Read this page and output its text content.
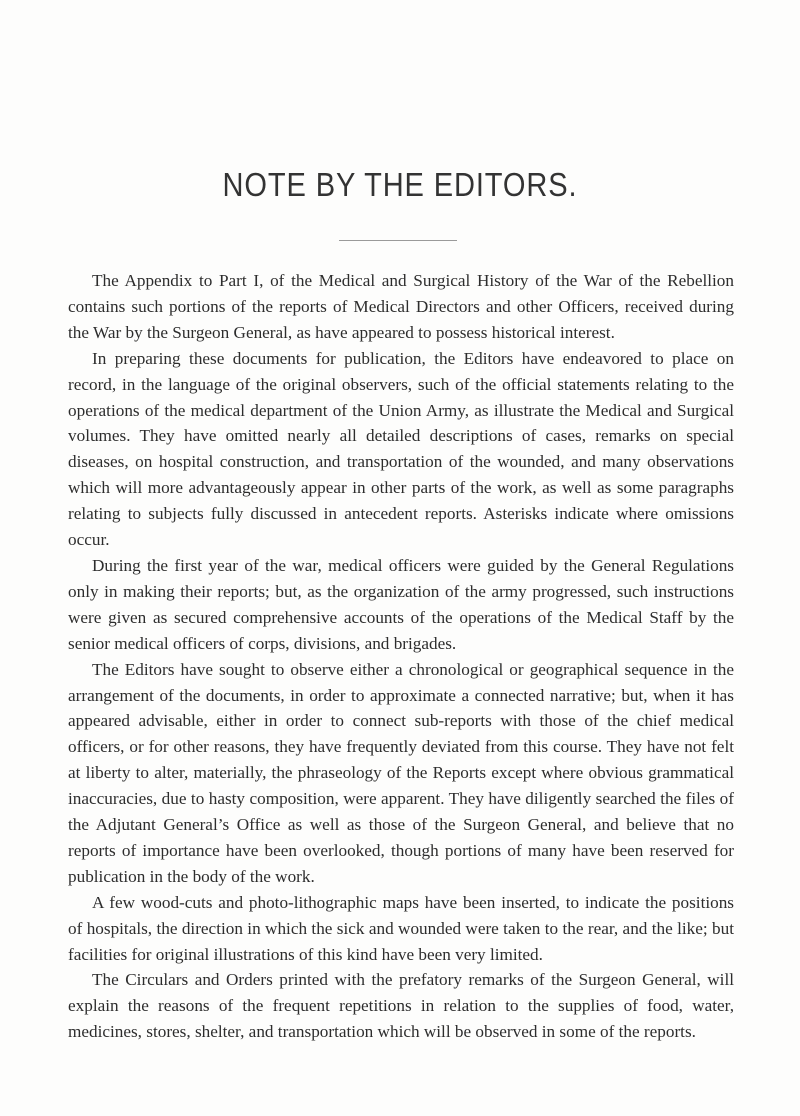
NOTE BY THE EDITORS.

The Appendix to Part I, of the Medical and Surgical History of the War of the Rebellion contains such portions of the reports of Medical Directors and other Officers, received during the War by the Surgeon General, as have appeared to possess historical interest.

In preparing these documents for publication, the Editors have endeavored to place on record, in the language of the original observers, such of the official statements relating to the operations of the medical department of the Union Army, as illustrate the Medical and Surgical volumes. They have omitted nearly all detailed descriptions of cases, remarks on special diseases, on hospital construction, and transportation of the wounded, and many observations which will more advantageously appear in other parts of the work, as well as some paragraphs relating to subjects fully discussed in antecedent reports. Asterisks indicate where omissions occur.

During the first year of the war, medical officers were guided by the General Regulations only in making their reports; but, as the organization of the army progressed, such instructions were given as secured comprehensive accounts of the operations of the Medical Staff by the senior medical officers of corps, divisions, and brigades.

The Editors have sought to observe either a chronological or geographical sequence in the arrangement of the documents, in order to approximate a connected narrative; but, when it has appeared advisable, either in order to connect sub-reports with those of the chief medical officers, or for other reasons, they have frequently deviated from this course. They have not felt at liberty to alter, materially, the phraseology of the Reports except where obvious grammatical inaccuracies, due to hasty composition, were apparent. They have diligently searched the files of the Adjutant General’s Office as well as those of the Surgeon General, and believe that no reports of importance have been overlooked, though portions of many have been reserved for publication in the body of the work.

A few wood-cuts and photo-lithographic maps have been inserted, to indicate the positions of hospitals, the direction in which the sick and wounded were taken to the rear, and the like; but facilities for original illustrations of this kind have been very limited.

The Circulars and Orders printed with the prefatory remarks of the Surgeon General, will explain the reasons of the frequent repetitions in relation to the supplies of food, water, medicines, stores, shelter, and transportation which will be observed in some of the reports.
